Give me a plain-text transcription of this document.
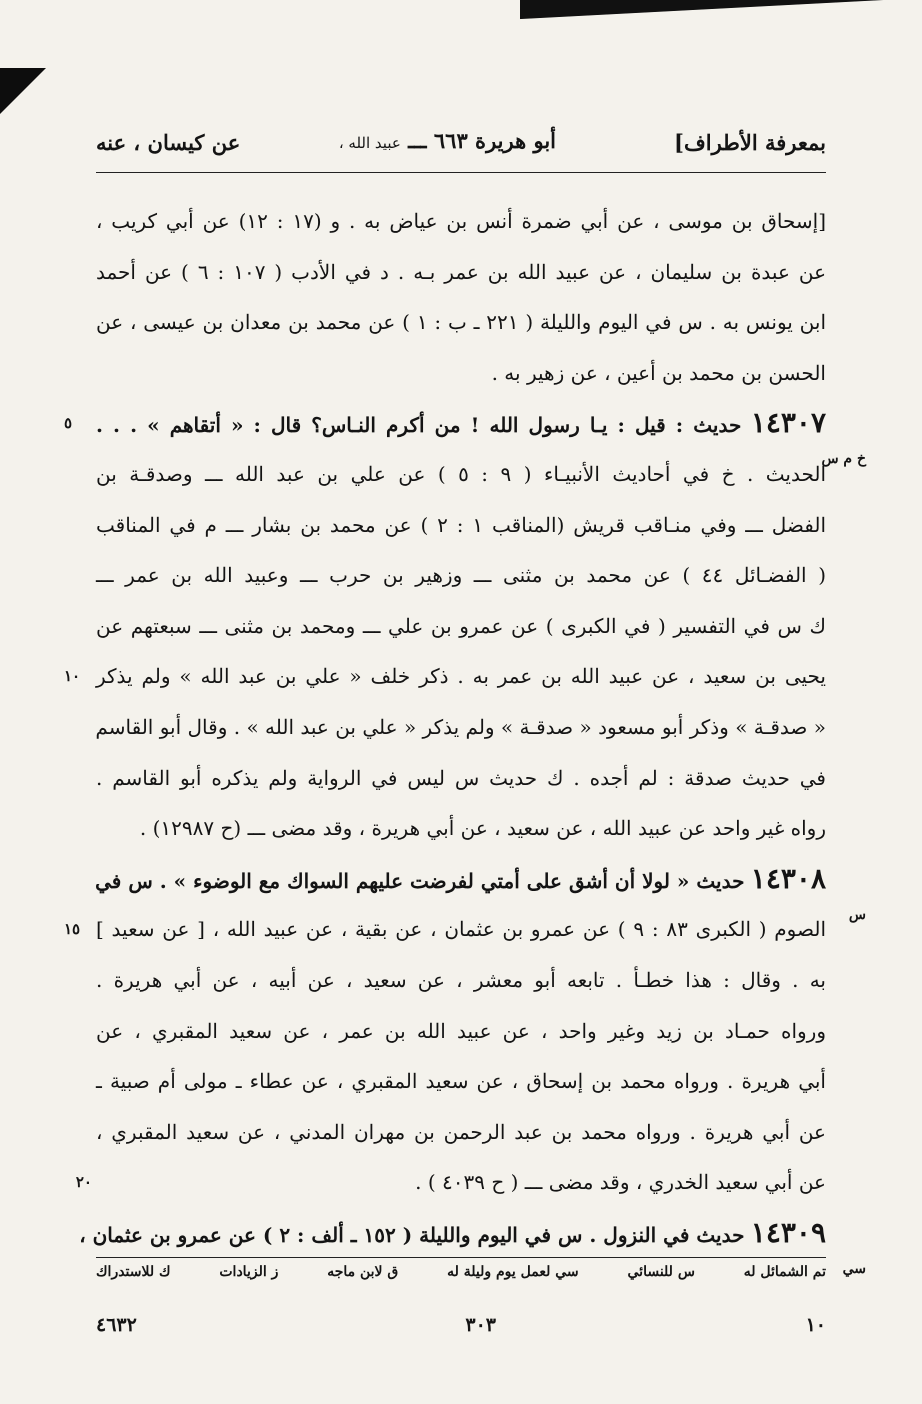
بمعرفة الأطراف]
أبو هريرة ٦٦٣ ـــ عبيد الله ،
عن كيسان ، عنه
[إسحاق بن موسى ، عن أبي ضمرة أنس بن عياض به . و (١٧ : ١٢) عن أبي كريب ،
عن عبدة بن سليمان ، عن عبيد الله بن عمر بـه . د في الأدب ( ١٠٧ : ٦ ) عن أحمد
ابن يونس به . س في اليوم والليلة ( ٢٢١ ـ ب : ١ ) عن محمد بن معدان بن عيسى ، عن
الحسن بن محمد بن أعين ، عن زهير به .
١٤٣٠٧ حديث : قيل : يـا رسول الله ! من أكرم النـاس؟ قال : « أتقاهم » . . .
٥
خ م س
الحديث . خ في أحاديث الأنبيـاء ( ٩ : ٥ ) عن علي بن عبد الله ـــ وصدقـة بن
الفضل ـــ وفي منـاقب قريش (المناقب ١ : ٢ ) عن محمد بن بشار ـــ م في المناقب
( الفضـائل ٤٤ ) عن محمد بن مثنى ـــ وزهير بن حرب ـــ وعبيد الله بن عمر ـــ
ك س في التفسير ( في الكبرى ) عن عمرو بن علي ـــ ومحمد بن مثنى ـــ سبعتهم عن
يحيى بن سعيد ، عن عبيد الله بن عمر به . ذكر خلف « علي بن عبد الله » ولم يذكر
١٠
« صدقـة » وذكر أبو مسعود « صدقـة » ولم يذكر « علي بن عبد الله » . وقال أبو القاسم
في حديث صدقة : لم أجده . ك حديث س ليس في الرواية ولم يذكره أبو القاسم .
رواه غير واحد عن عبيد الله ، عن سعيد ، عن أبي هريرة ، وقد مضى ـــ (ح ١٢٩٨٧) .
١٤٣٠٨ حديث « لولا أن أشق على أمتي لفرضت عليهم السواك مع الوضوء » . س في
س
الصوم ( الكبرى ٨٣ : ٩ ) عن عمرو بن عثمان ، عن بقية ، عن عبيد الله ، [ عن سعيد ]
١٥
به . وقال : هذا خطـأ . تابعه أبو معشر ، عن سعيد ، عن أبيه ، عن أبي هريرة .
ورواه حمـاد بن زيد وغير واحد ، عن عبيد الله بن عمر ، عن سعيد المقبري ، عن
أبي هريرة . ورواه محمد بن إسحاق ، عن سعيد المقبري ، عن عطاء ـ مولى أم صبية ـ
عن أبي هريرة . ورواه محمد بن عبد الرحمن بن مهران المدني ، عن سعيد المقبري ،
عن أبي سعيد الخدري ، وقد مضى ـــ ( ح ٤٠٣٩ ) .
٢٠
١٤٣٠٩ حديث في النزول . س في اليوم والليلة ( ١٥٢ ـ ألف : ٢ ) عن عمرو بن عثمان ،
سي
تم الشمائل له
س للنسائي
سي لعمل يوم وليلة له
ق لابن ماجه
ز الزيادات
ك للاستدراك
١٠
٣٠٣
٤٦٣٢
